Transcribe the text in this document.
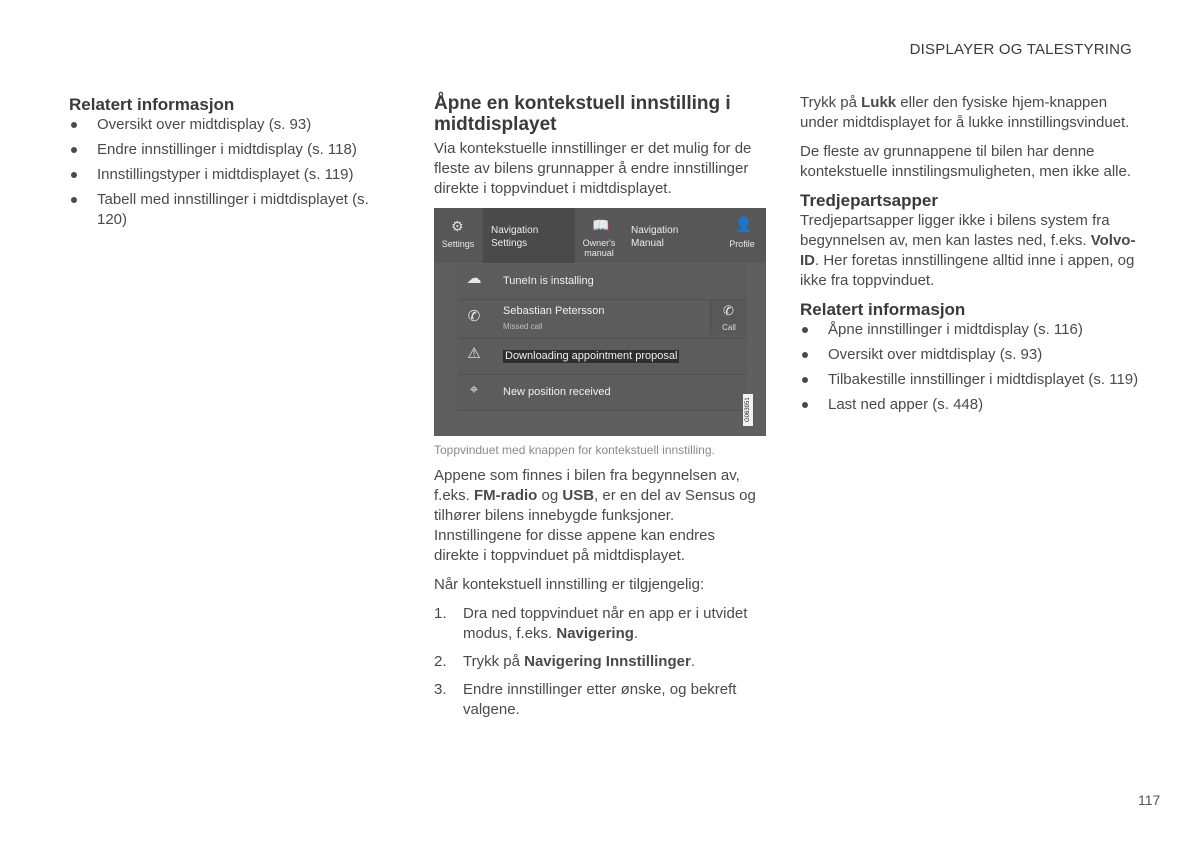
DISPLAYER OG TALESTYRING
Relatert informasjon
Oversikt over midtdisplay (s. 93)
Endre innstillinger i midtdisplay (s. 118)
Innstillingstyper i midtdisplayet (s. 119)
Tabell med innstillinger i midtdisplayet (s. 120)
Åpne en kontekstuell innstilling i midtdisplayet

Via kontekstuelle innstillinger er det mulig for de fleste av bilens grunnapper å endre innstillinger direkte i toppvinduet i midtdisplayet.

⚙
Settings
Navigation
Settings
📖
Owner's
manual
Navigation
Manual
👤
Profile
☁	TuneIn is installing
✆	Sebastian Petersson
Missed call
✆
Call
⚠	Downloading appointment proposal
⌖	New position received
G063951

Toppvinduet med knappen for kontekstuell innstilling.

Appene som finnes i bilen fra begynnelsen av, f.eks. FM-radio og USB, er en del av Sensus og tilhører bilens innebygde funksjoner. Innstillingene for disse appene kan endres direkte i toppvinduet på midtdisplayet.

Når kontekstuell innstilling er tilgjengelig:

1. Dra ned toppvinduet når en app er i utvidet modus, f.eks. Navigering.
2. Trykk på Navigering Innstillinger.
3. Endre innstillinger etter ønske, og bekreft valgene.

Trykk på Lukk eller den fysiske hjem-knappen under midtdisplayet for å lukke innstillingsvinduet.

De fleste av grunnappene til bilen har denne kontekstuelle innstilingsmuligheten, men ikke alle.

Tredjepartsapper

Tredjepartsapper ligger ikke i bilens system fra begynnelsen av, men kan lastes ned, f.eks. Volvo-ID. Her foretas innstillingene alltid inne i appen, og ikke fra toppvinduet.

Relatert informasjon
Åpne innstillinger i midtdisplay (s. 116)
Oversikt over midtdisplay (s. 93)
Tilbakestille innstillinger i midtdisplayet (s. 119)
Last ned apper (s. 448)
117
